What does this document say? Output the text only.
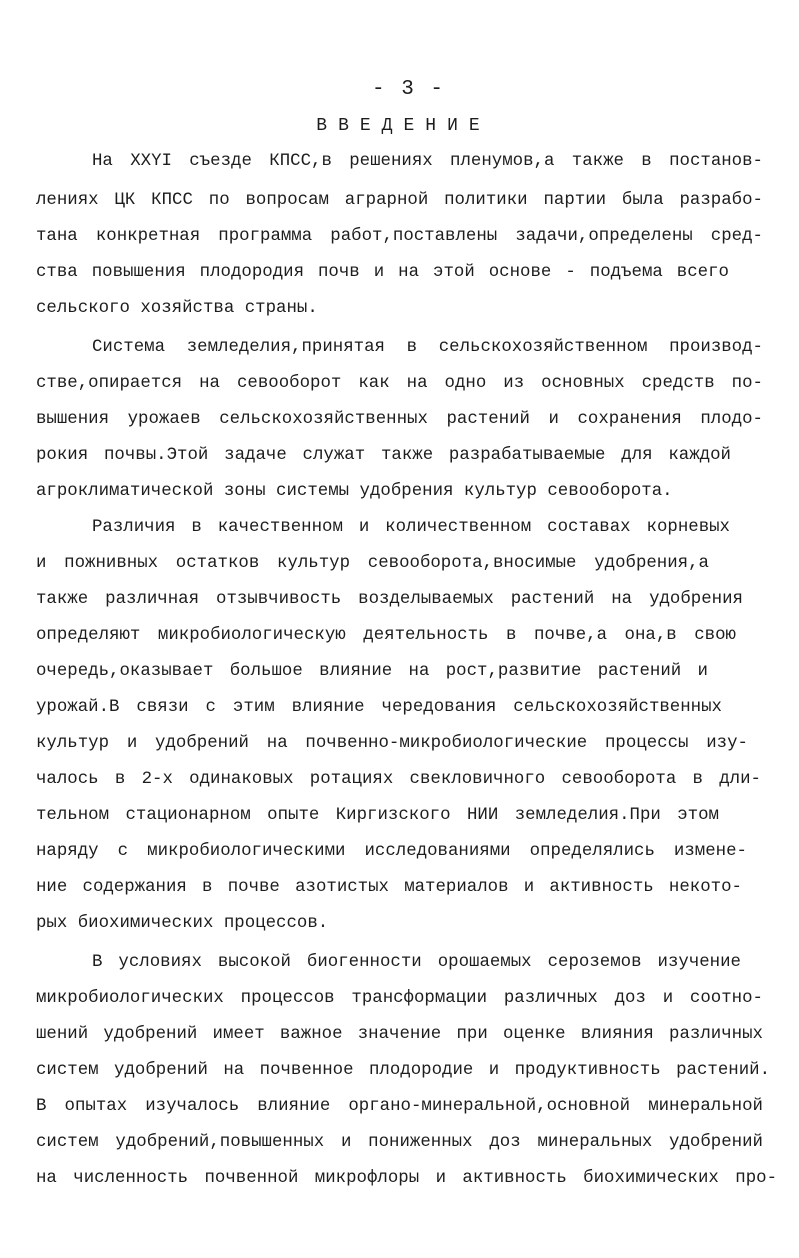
- 3 -
ВВЕДЕНИЕ
На XXYI съезде КПСС,в решениях пленумов,а также в постанов-
лениях ЦК КПСС по вопросам аграрной политики партии была разрабо-
тана конкретная программа работ,поставлены задачи,определены сред-
ства повышения плодородия почв и на этой основе - подъема всего
сельского хозяйства страны.
Система земледелия,принятая в сельскохозяйственном производ-
стве,опирается на севооборот как на одно из основных средств по-
вышения урожаев сельскохозяйственных растений и сохранения плодо-
рокия почвы.Этой задаче служат также разрабатываемые для каждой
агроклиматической зоны системы удобрения культур севооборота.
Различия в качественном и количественном составах корневых
и пожнивных остатков культур севооборота,вносимые удобрения,а
также различная отзывчивость возделываемых растений на удобрения
определяют микробиологическую деятельность в почве,а она,в свою
очередь,оказывает большое влияние на рост,развитие растений и
урожай.В связи с этим влияние чередования сельскохозяйственных
культур и удобрений на почвенно-микробиологические процессы изу-
чалось в 2-х одинаковых ротациях свекловичного севооборота в дли-
тельном стационарном опыте Киргизского НИИ земледелия.При этом
наряду с микробиологическими исследованиями определялись измене-
ние содержания в почве азотистых материалов и активность некото-
рых биохимических процессов.
В условиях высокой биогенности орошаемых сероземов изучение
микробиологических процессов трансформации различных доз и соотно-
шений удобрений имеет важное значение при оценке влияния различных
систем удобрений на почвенное плодородие и продуктивность растений.
В опытах изучалось влияние органо-минеральной,основной минеральной
систем удобрений,повышенных и пониженных доз минеральных удобрений
на численность почвенной микрофлоры и активность биохимических про-
